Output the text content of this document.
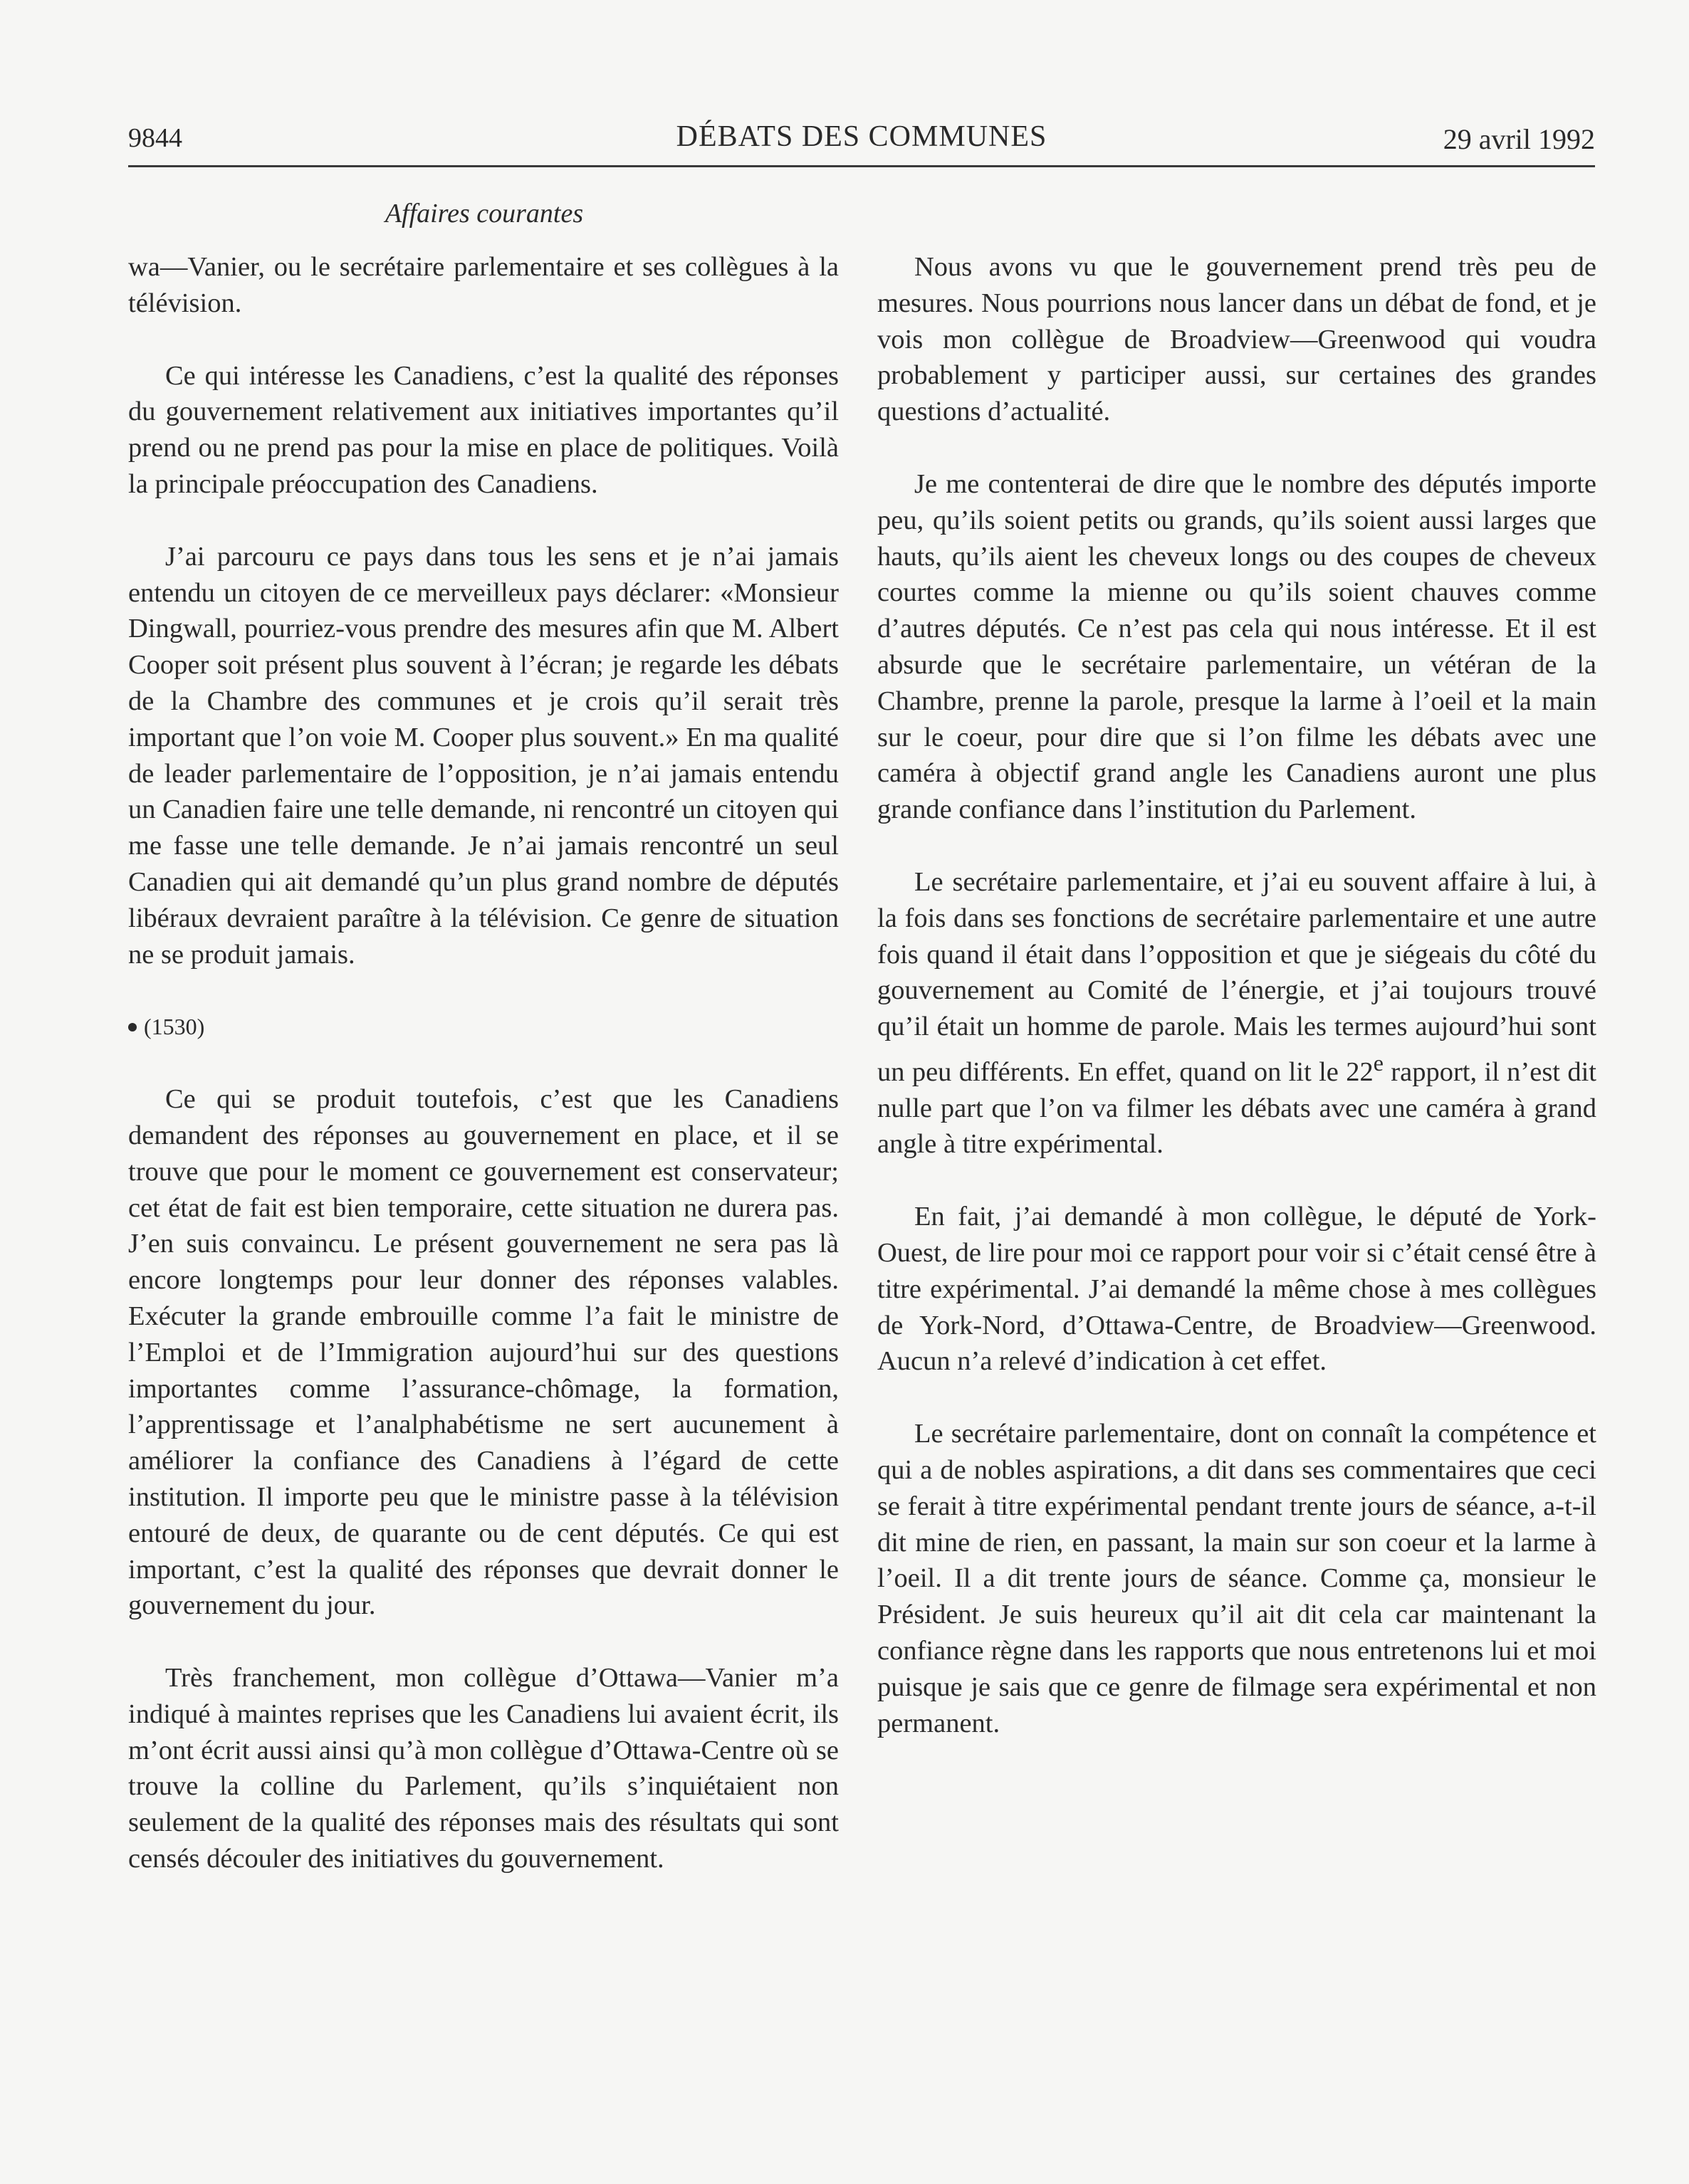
9844	DÉBATS DES COMMUNES	29 avril 1992
Affaires courantes

wa—Vanier, ou le secrétaire parlementaire et ses collègues à la télévision.

Ce qui intéresse les Canadiens, c’est la qualité des réponses du gouvernement relativement aux initiatives importantes qu’il prend ou ne prend pas pour la mise en place de politiques. Voilà la principale préoccupation des Canadiens.

J’ai parcouru ce pays dans tous les sens et je n’ai jamais entendu un citoyen de ce merveilleux pays déclarer: «Monsieur Dingwall, pourriez-vous prendre des mesures afin que M. Albert Cooper soit présent plus souvent à l’écran; je regarde les débats de la Chambre des communes et je crois qu’il serait très important que l’on voie M. Cooper plus souvent.» En ma qualité de leader parlementaire de l’opposition, je n’ai jamais entendu un Canadien faire une telle demande, ni rencontré un citoyen qui me fasse une telle demande. Je n’ai jamais rencontré un seul Canadien qui ait demandé qu’un plus grand nombre de députés libéraux devraient paraître à la télévision. Ce genre de situation ne se produit jamais.

(1530)

Ce qui se produit toutefois, c’est que les Canadiens demandent des réponses au gouvernement en place, et il se trouve que pour le moment ce gouvernement est conservateur; cet état de fait est bien temporaire, cette situation ne durera pas. J’en suis convaincu. Le présent gouvernement ne sera pas là encore longtemps pour leur donner des réponses valables. Exécuter la grande embrouille comme l’a fait le ministre de l’Emploi et de l’Immigration aujourd’hui sur des questions importantes comme l’assurance-chômage, la formation, l’apprentissage et l’analphabétisme ne sert aucunement à améliorer la confiance des Canadiens à l’égard de cette institution. Il importe peu que le ministre passe à la télévision entouré de deux, de quarante ou de cent députés. Ce qui est important, c’est la qualité des réponses que devrait donner le gouvernement du jour.

Très franchement, mon collègue d’Ottawa—Vanier m’a indiqué à maintes reprises que les Canadiens lui avaient écrit, ils m’ont écrit aussi ainsi qu’à mon collègue d’Ottawa-Centre où se trouve la colline du Parlement, qu’ils s’inquiétaient non seulement de la qualité des réponses mais des résultats qui sont censés découler des initiatives du gouvernement.

Nous avons vu que le gouvernement prend très peu de mesures. Nous pourrions nous lancer dans un débat de fond, et je vois mon collègue de Broadview—Greenwood qui voudra probablement y participer aussi, sur certaines des grandes questions d’actualité.

Je me contenterai de dire que le nombre des députés importe peu, qu’ils soient petits ou grands, qu’ils soient aussi larges que hauts, qu’ils aient les cheveux longs ou des coupes de cheveux courtes comme la mienne ou qu’ils soient chauves comme d’autres députés. Ce n’est pas cela qui nous intéresse. Et il est absurde que le secrétaire parlementaire, un vétéran de la Chambre, prenne la parole, presque la larme à l’oeil et la main sur le coeur, pour dire que si l’on filme les débats avec une caméra à objectif grand angle les Canadiens auront une plus grande confiance dans l’institution du Parlement.

Le secrétaire parlementaire, et j’ai eu souvent affaire à lui, à la fois dans ses fonctions de secrétaire parlementaire et une autre fois quand il était dans l’opposition et que je siégeais du côté du gouvernement au Comité de l’énergie, et j’ai toujours trouvé qu’il était un homme de parole. Mais les termes aujourd’hui sont un peu différents. En effet, quand on lit le 22e rapport, il n’est dit nulle part que l’on va filmer les débats avec une caméra à grand angle à titre expérimental.

En fait, j’ai demandé à mon collègue, le député de York-Ouest, de lire pour moi ce rapport pour voir si c’était censé être à titre expérimental. J’ai demandé la même chose à mes collègues de York-Nord, d’Ottawa-Centre, de Broadview—Greenwood. Aucun n’a relevé d’indication à cet effet.

Le secrétaire parlementaire, dont on connaît la compétence et qui a de nobles aspirations, a dit dans ses commentaires que ceci se ferait à titre expérimental pendant trente jours de séance, a-t-il dit mine de rien, en passant, la main sur son coeur et la larme à l’oeil. Il a dit trente jours de séance. Comme ça, monsieur le Président. Je suis heureux qu’il ait dit cela car maintenant la confiance règne dans les rapports que nous entretenons lui et moi puisque je sais que ce genre de filmage sera expérimental et non permanent.
